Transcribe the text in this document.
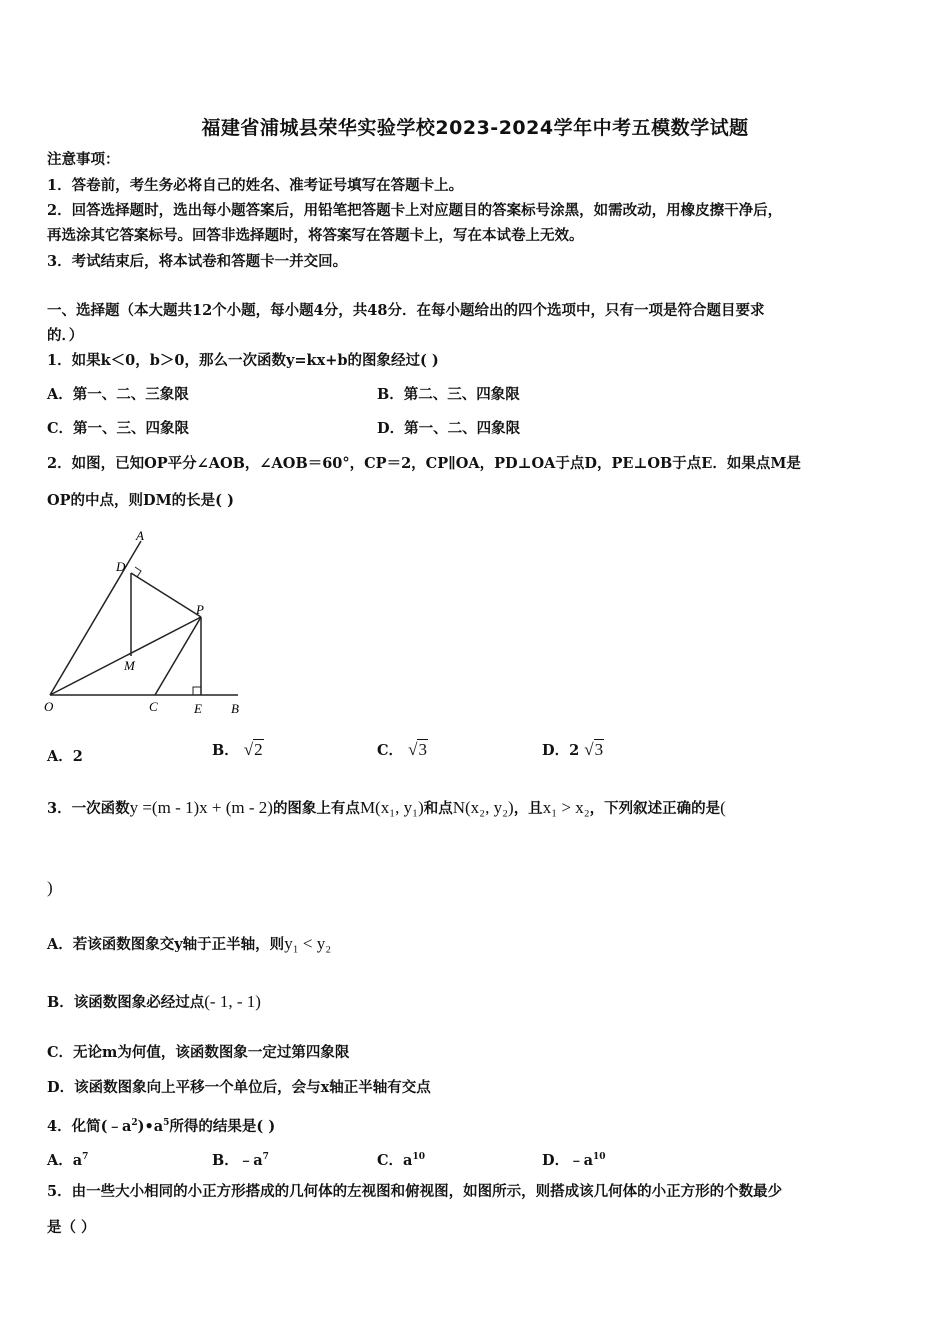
福建省浦城县荣华实验学校2023-2024学年中考五模数学试题
注意事项：
1．答卷前，考生务必将自己的姓名、准考证号填写在答题卡上。
2．回答选择题时，选出每小题答案后，用铅笔把答题卡上对应题目的答案标号涂黑，如需改动，用橡皮擦干净后，
再选涂其它答案标号。回答非选择题时，将答案写在答题卡上，写在本试卷上无效。
3．考试结束后，将本试卷和答题卡一并交回。
一、选择题（本大题共12个小题，每小题4分，共48分．在每小题给出的四个选项中，只有一项是符合题目要求
的．）
1．如果k＜0，b＞0，那么一次函数y=kx+b的图象经过( )
A．第一、二、三象限	B．第二、三、四象限
C．第一、三、四象限	D．第一、二、四象限
2．如图，已知OP平分∠AOB，∠AOB＝60°，CP＝2，CP∥OA，PD⊥OA于点D，PE⊥OB于点E．如果点M是
OP的中点，则DM的长是( )
A
D
P
M
O	C	E B
A．2	B． √2	C． √3	D．2 √3
3．一次函数y =(m - 1)x + (m - 2)的图象上有点M(x₁, y₁)和点N(x₂, y₂)，且x₁ > x₂，下列叙述正确的是(
)
A．若该函数图象交y轴于正半轴，则y₁ < y₂
B．该函数图象必经过点(- 1, - 1)
C．无论m为何值，该函数图象一定过第四象限
D．该函数图象向上平移一个单位后，会与x轴正半轴有交点
4．化简$(﹣a^2)•a^5$所得的结果是( )
A．$a^7$	B．$﹣a^7$	C．$a^{10}$	D．$﹣a^{10}$
5．由一些大小相同的小正方形搭成的几何体的左视图和俯视图，如图所示，则搭成该几何体的小正方形的个数最少
是（ ）
